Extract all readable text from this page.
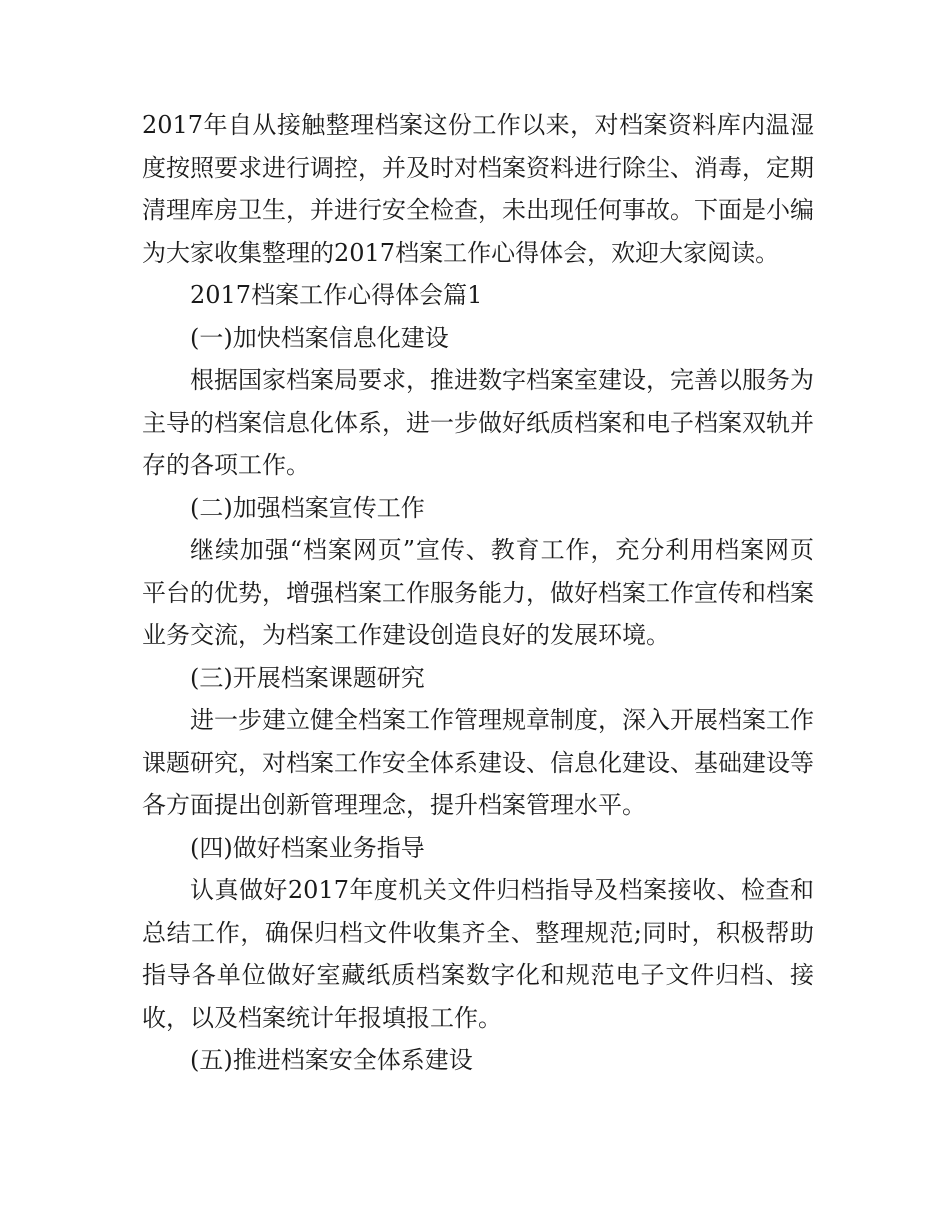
2017年自从接触整理档案这份工作以来，对档案资料库内温湿度按照要求进行调控，并及时对档案资料进行除尘、消毒，定期清理库房卫生，并进行安全检查，未出现任何事故。下面是小编为大家收集整理的2017档案工作心得体会，欢迎大家阅读。

2017档案工作心得体会篇1

(一)加快档案信息化建设

根据国家档案局要求，推进数字档案室建设，完善以服务为主导的档案信息化体系，进一步做好纸质档案和电子档案双轨并存的各项工作。

(二)加强档案宣传工作

继续加强“档案网页”宣传、教育工作，充分利用档案网页平台的优势，增强档案工作服务能力，做好档案工作宣传和档案业务交流，为档案工作建设创造良好的发展环境。

(三)开展档案课题研究

进一步建立健全档案工作管理规章制度，深入开展档案工作课题研究，对档案工作安全体系建设、信息化建设、基础建设等各方面提出创新管理理念，提升档案管理水平。

(四)做好档案业务指导

认真做好2017年度机关文件归档指导及档案接收、检查和总结工作，确保归档文件收集齐全、整理规范;同时，积极帮助指导各单位做好室藏纸质档案数字化和规范电子文件归档、接收，以及档案统计年报填报工作。

(五)推进档案安全体系建设
